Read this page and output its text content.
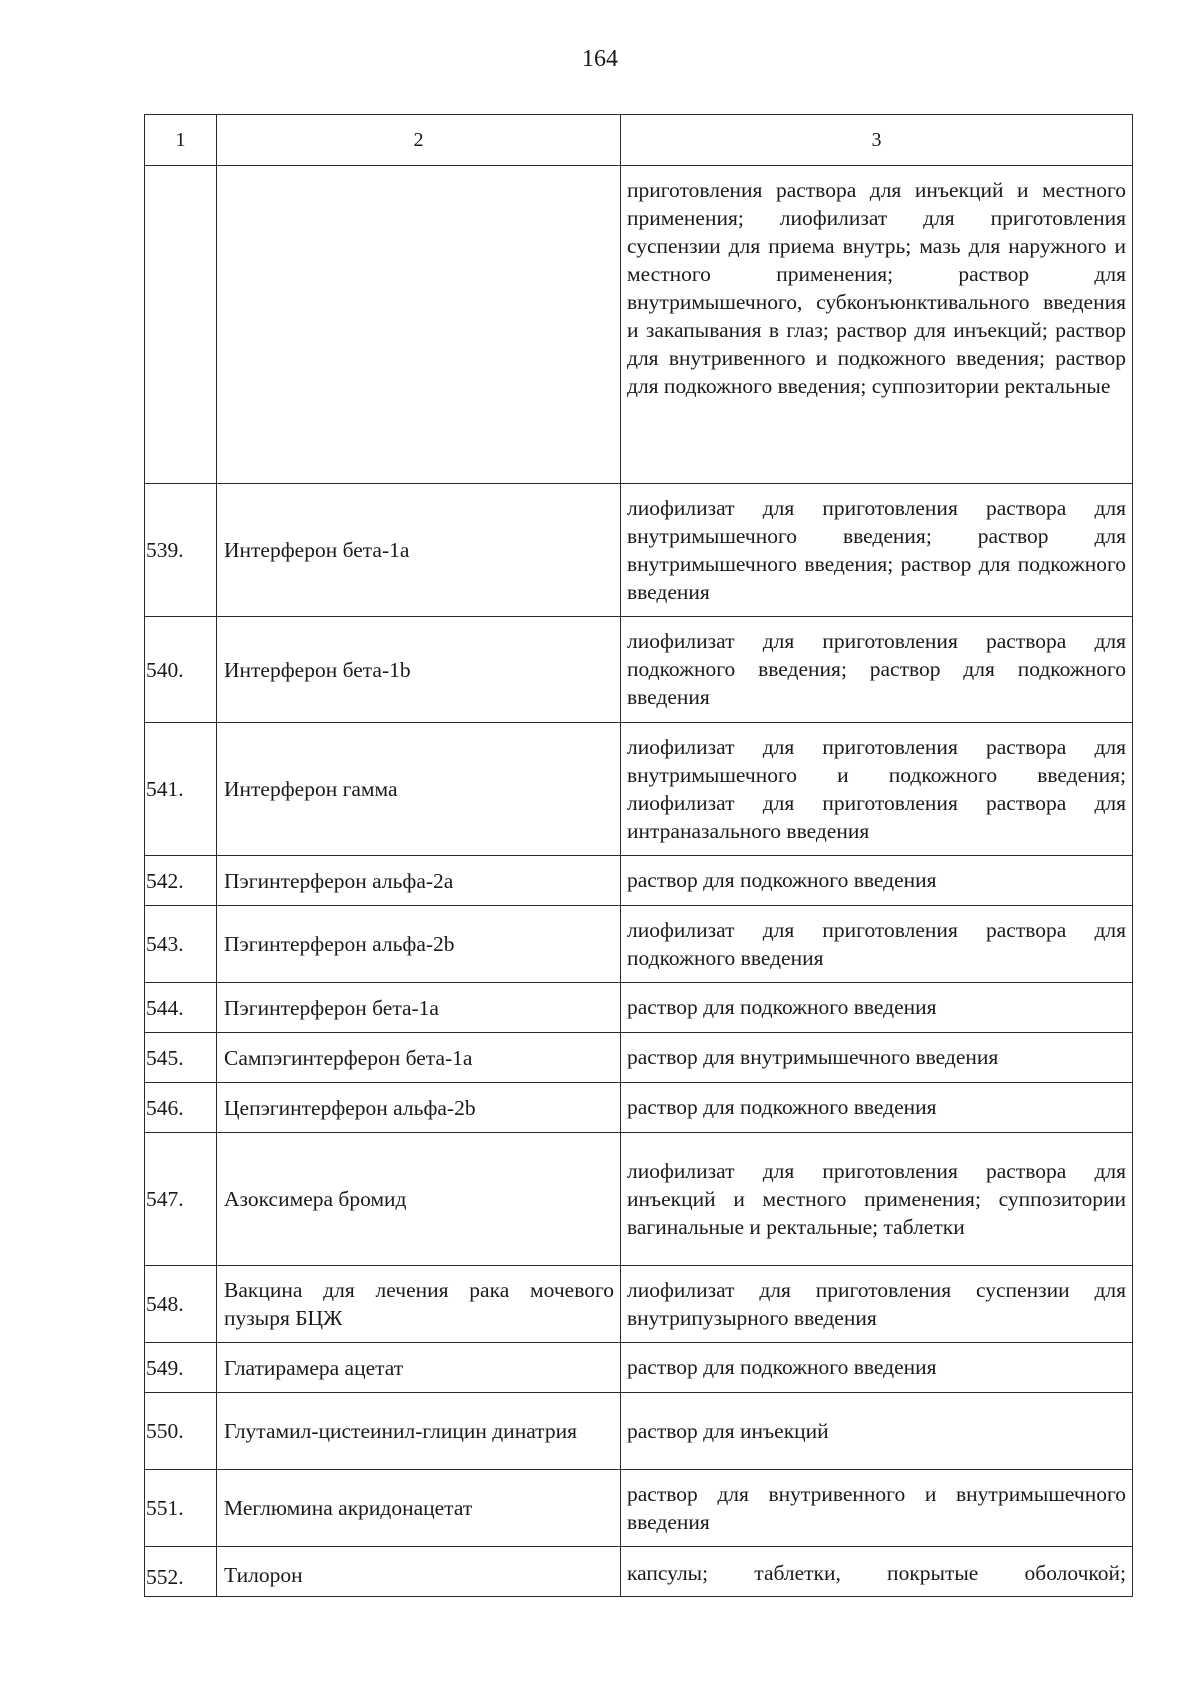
164
1	2	3
		приготовления раствора для инъекций и местного применения; лиофилизат для приготовления суспензии для приема внутрь; мазь для наружного и местного применения; раствор для внутримышечного, субконъюнктивального введения и закапывания в глаз; раствор для инъекций; раствор для внутривенного и подкожного введения; раствор для подкожного введения; суппозитории ректальные
539.	Интерферон бета-1a	лиофилизат для приготовления раствора для внутримышечного введения; раствор для внутримышечного введения; раствор для подкожного введения
540.	Интерферон бета-1b	лиофилизат для приготовления раствора для подкожного введения; раствор для подкожного введения
541.	Интерферон гамма	лиофилизат для приготовления раствора для внутримышечного и подкожного введения; лиофилизат для приготовления раствора для интраназального введения
542.	Пэгинтерферон альфа-2a	раствор для подкожного введения
543.	Пэгинтерферон альфа-2b	лиофилизат для приготовления раствора для подкожного введения
544.	Пэгинтерферон бета-1a	раствор для подкожного введения
545.	Сампэгинтерферон бета-1a	раствор для внутримышечного введения
546.	Цепэгинтерферон альфа-2b	раствор для подкожного введения
547.	Азоксимера бромид	лиофилизат для приготовления раствора для инъекций и местного применения; суппозитории вагинальные и ректальные; таблетки
548.	Вакцина для лечения рака мочевого пузыря БЦЖ	лиофилизат для приготовления суспензии для внутрипузырного введения
549.	Глатирамера ацетат	раствор для подкожного введения
550.	Глутамил-цистеинил-глицин динатрия	раствор для инъекций
551.	Меглюмина акридонацетат	раствор для внутривенного и внутримышечного введения
552.	Тилорон	капсулы; таблетки, покрытые оболочкой;
